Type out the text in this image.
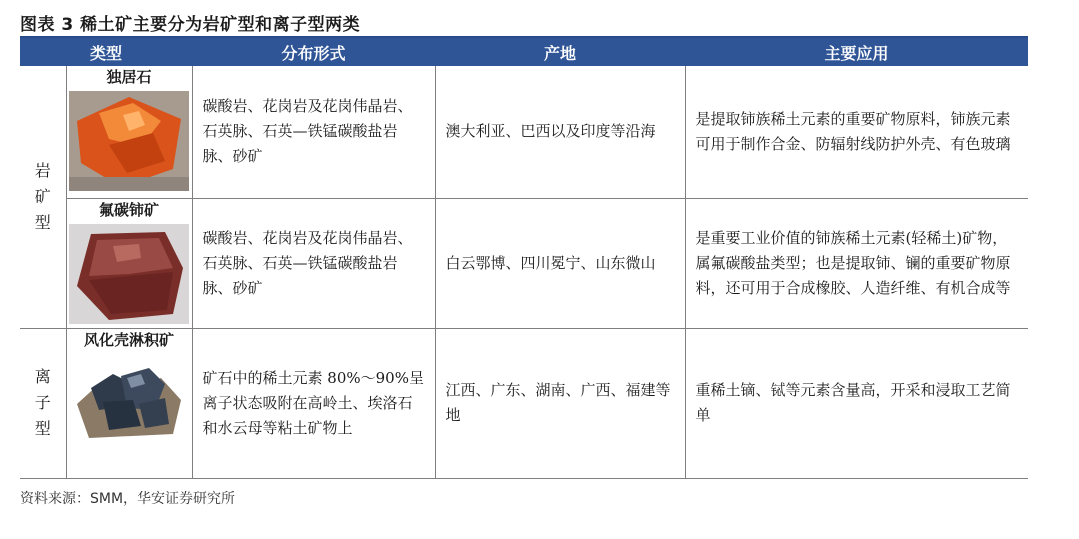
图表 3 稀土矿主要分为岩矿型和离子型两类
类型		分布形式	产地	主要应用

岩
矿
型	独居石	碳酸岩、花岗岩及花岗伟晶岩、石英脉、石英—铁锰碳酸盐岩脉、砂矿	澳大利亚、巴西以及印度等沿海	是提取铈族稀土元素的重要矿物原料，铈族元素可用于制作合金、防辐射线防护外壳、有色玻璃

	氟碳铈矿	碳酸岩、花岗岩及花岗伟晶岩、石英脉、石英—铁锰碳酸盐岩脉、砂矿	白云鄂博、四川冕宁、山东微山	是重要工业价值的铈族稀土元素(轻稀土)矿物，属氟碳酸盐类型；也是提取铈、镧的重要矿物原料，还可用于合成橡胶、人造纤维、有机合成等

离
子
型	风化壳淋积矿	矿石中的稀土元素 80%～90%呈离子状态吸附在高岭土、埃洛石和水云母等粘土矿物上	江西、广东、湖南、广西、福建等地	重稀土镝、铽等元素含量高，开采和浸取工艺简单
资料来源：SMM，华安证券研究所
